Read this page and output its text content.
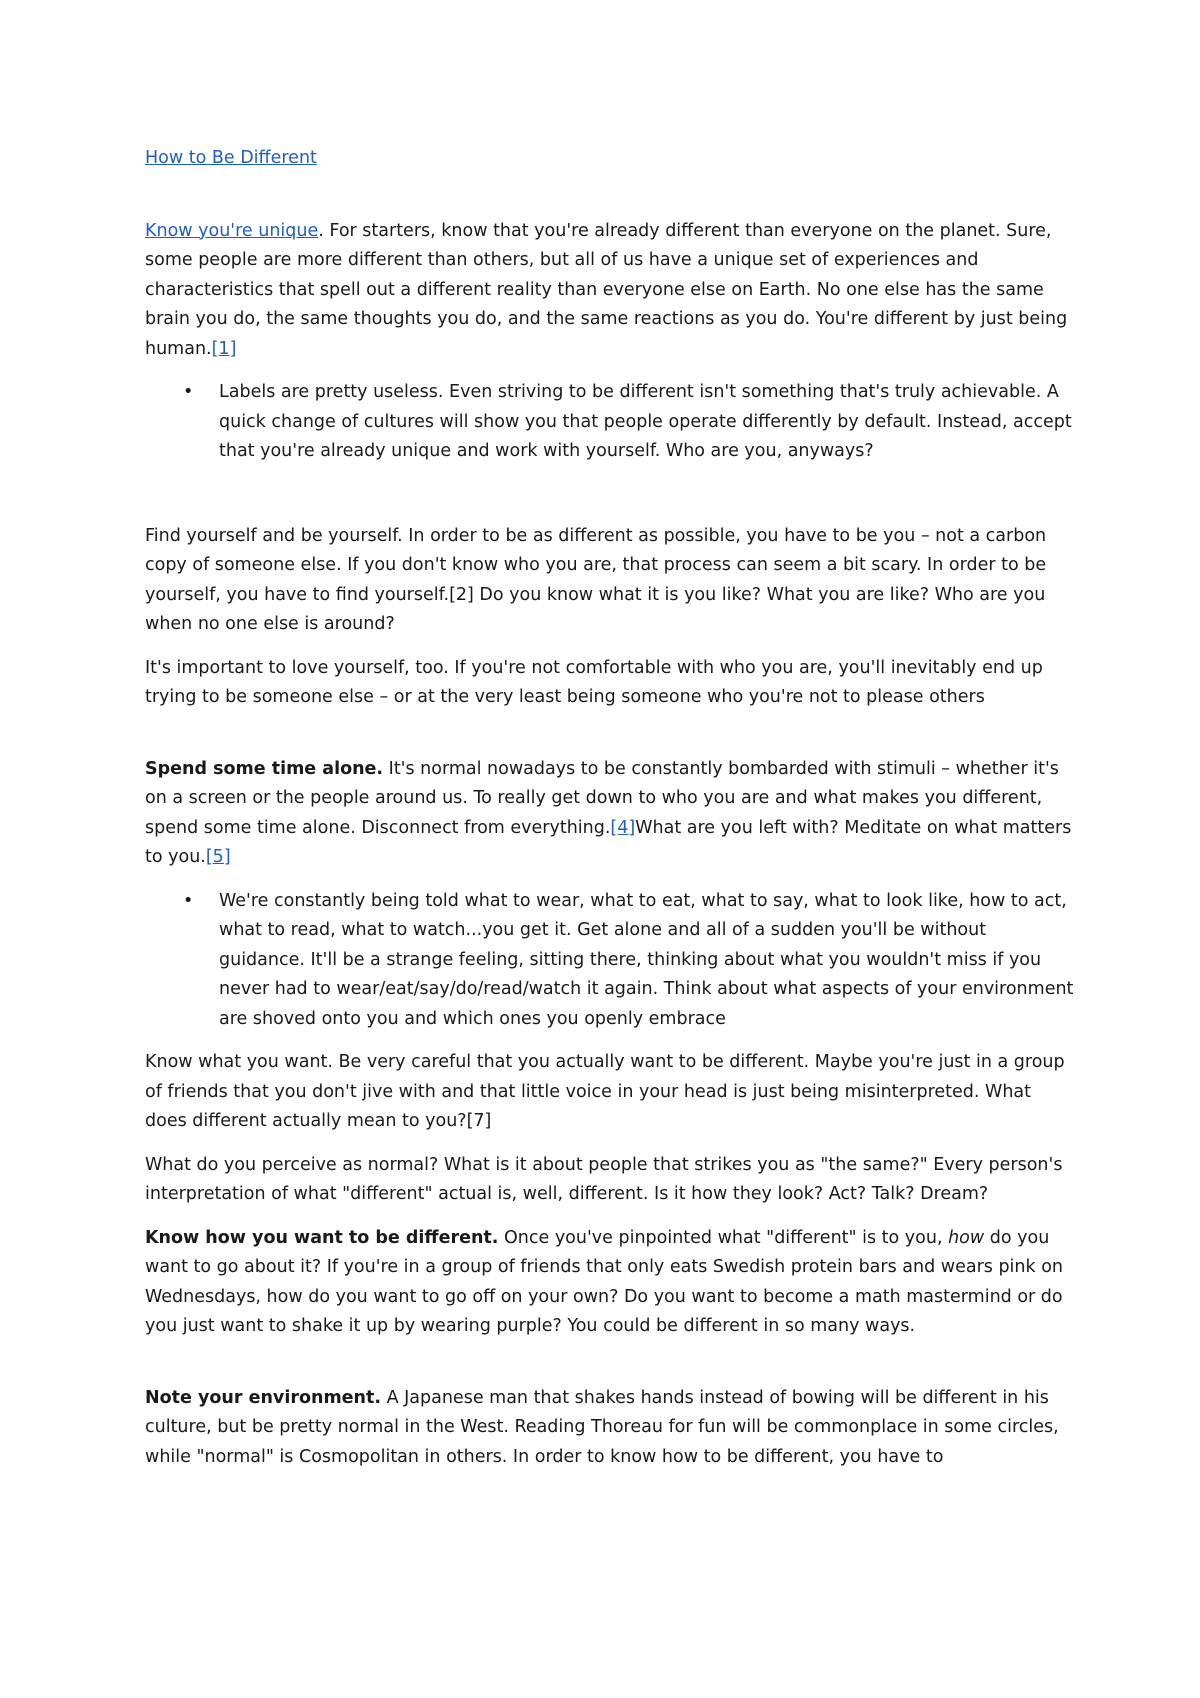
How to Be Different

Know you're unique. For starters, know that you're already different than everyone on the planet. Sure, some people are more different than others, but all of us have a unique set of experiences and characteristics that spell out a different reality than everyone else on Earth. No one else has the same brain you do, the same thoughts you do, and the same reactions as you do. You're different by just being human.[1]

• Labels are pretty useless. Even striving to be different isn't something that's truly achievable. A quick change of cultures will show you that people operate differently by default. Instead, accept that you're already unique and work with yourself. Who are you, anyways?

Find yourself and be yourself. In order to be as different as possible, you have to be you – not a carbon copy of someone else. If you don't know who you are, that process can seem a bit scary. In order to be yourself, you have to find yourself.[2] Do you know what it is you like? What you are like? Who are you when no one else is around?

It's important to love yourself, too. If you're not comfortable with who you are, you'll inevitably end up trying to be someone else – or at the very least being someone who you're not to please others

Spend some time alone. It's normal nowadays to be constantly bombarded with stimuli – whether it's on a screen or the people around us. To really get down to who you are and what makes you different, spend some time alone. Disconnect from everything.[4]What are you left with? Meditate on what matters to you.[5]

• We're constantly being told what to wear, what to eat, what to say, what to look like, how to act, what to read, what to watch...you get it. Get alone and all of a sudden you'll be without guidance. It'll be a strange feeling, sitting there, thinking about what you wouldn't miss if you never had to wear/eat/say/do/read/watch it again. Think about what aspects of your environment are shoved onto you and which ones you openly embrace

Know what you want. Be very careful that you actually want to be different. Maybe you're just in a group of friends that you don't jive with and that little voice in your head is just being misinterpreted. What does different actually mean to you?[7]

What do you perceive as normal? What is it about people that strikes you as "the same?" Every person's interpretation of what "different" actual is, well, different. Is it how they look? Act? Talk? Dream?

Know how you want to be different. Once you've pinpointed what "different" is to you, how do you want to go about it? If you're in a group of friends that only eats Swedish protein bars and wears pink on Wednesdays, how do you want to go off on your own? Do you want to become a math mastermind or do you just want to shake it up by wearing purple? You could be different in so many ways.

Note your environment. A Japanese man that shakes hands instead of bowing will be different in his culture, but be pretty normal in the West. Reading Thoreau for fun will be commonplace in some circles, while "normal" is Cosmopolitan in others. In order to know how to be different, you have to
